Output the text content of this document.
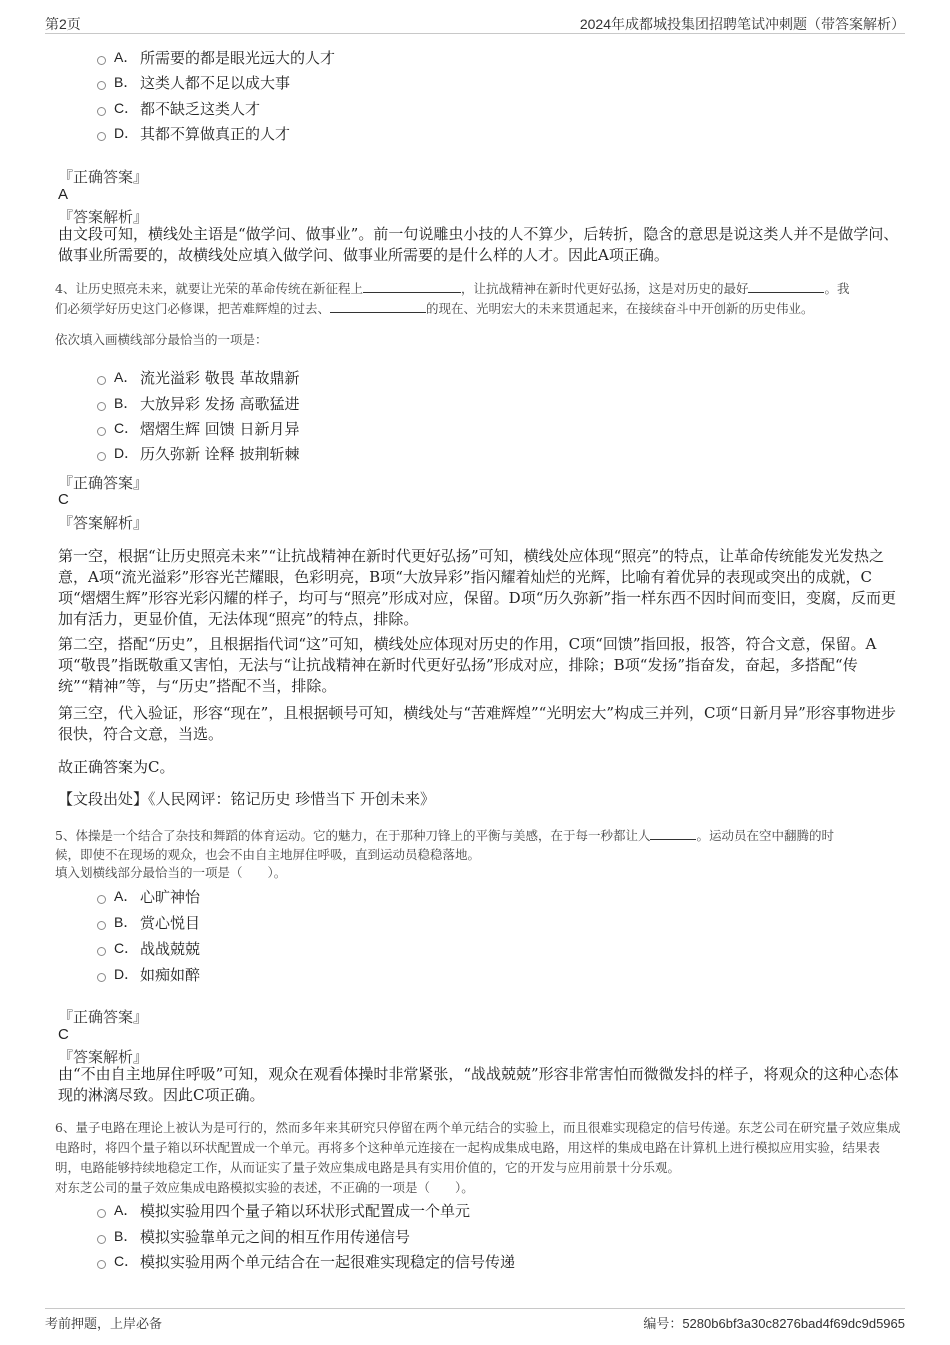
第2页	2024年成都城投集团招聘笔试冲刺题（带答案解析）
A． 所需要的都是眼光远大的人才
B． 这类人都不足以成大事
C． 都不缺乏这类人才
D． 其都不算做真正的人才
『正确答案』
A
『答案解析』
由文段可知，横线处主语是“做学问、做事业”。前一句说雕虫小技的人不算少，后转折，隐含的意思是说这类人并不是做学问、做事业所需要的，故横线处应填入做学问、做事业所需要的是什么样的人才。因此A项正确。
4、让历史照亮未来，就要让光荣的革命传统在新征程上	，让抗战精神在新时代更好弘扬，这是对历史的最好	。我
们必须学好历史这门必修课，把苦难辉煌的过去、	的现在、光明宏大的未来贯通起来，在接续奋斗中开创新的历史伟业。
依次填入画横线部分最恰当的一项是：
A． 流光溢彩 敬畏 革故鼎新
B． 大放异彩 发扬 高歌猛进
C． 熠熠生辉 回馈 日新月异
D． 历久弥新 诠释 披荆斩棘
『正确答案』
C
『答案解析』
第一空，根据“让历史照亮未来”“让抗战精神在新时代更好弘扬”可知，横线处应体现“照亮”的特点，让革命传统能发光发热之意，A项“流光溢彩”形容光芒耀眼，色彩明亮，B项“大放异彩”指闪耀着灿烂的光辉，比喻有着优异的表现或突出的成就，C项“熠熠生辉”形容光彩闪耀的样子，均可与“照亮”形成对应，保留。D项“历久弥新”指一样东西不因时间而变旧，变腐，反而更加有活力，更显价值，无法体现“照亮”的特点，排除。
第二空，搭配“历史”，且根据指代词“这”可知，横线处应体现对历史的作用，C项“回馈”指回报，报答，符合文意，保留。A项“敬畏”指既敬重又害怕，无法与“让抗战精神在新时代更好弘扬”形成对应，排除；B项“发扬”指奋发，奋起，多搭配“传统”“精神”等，与“历史”搭配不当，排除。
第三空，代入验证，形容“现在”，且根据顿号可知，横线处与“苦难辉煌”“光明宏大”构成三并列，C项“日新月异”形容事物进步很快，符合文意，当选。
故正确答案为C。
【文段出处】《人民网评：铭记历史 珍惜当下 开创未来》
5、体操是一个结合了杂技和舞蹈的体育运动。它的魅力，在于那种刀锋上的平衡与美感，在于每一秒都让人	。运动员在空中翻腾的时
候，即使不在现场的观众，也会不由自主地屏住呼吸，直到运动员稳稳落地。
填入划横线部分最恰当的一项是（　　）。
A． 心旷神怡
B． 赏心悦目
C． 战战兢兢
D． 如痴如醉
『正确答案』
C
『答案解析』
由“不由自主地屏住呼吸”可知，观众在观看体操时非常紧张，“战战兢兢”形容非常害怕而微微发抖的样子，将观众的这种心态体现的淋漓尽致。因此C项正确。
6、量子电路在理论上被认为是可行的，然而多年来其研究只停留在两个单元结合的实验上，而且很难实现稳定的信号传递。东芝公司在研究量子效应集成电路时，将四个量子箱以环状配置成一个单元。再将多个这种单元连接在一起构成集成电路，用这样的集成电路在计算机上进行模拟应用实验，结果表明，电路能够持续地稳定工作，从而证实了量子效应集成电路是具有实用价值的，它的开发与应用前景十分乐观。
对东芝公司的量子效应集成电路模拟实验的表述，不正确的一项是（　　）。
A． 模拟实验用四个量子箱以环状形式配置成一个单元
B． 模拟实验靠单元之间的相互作用传递信号
C． 模拟实验用两个单元结合在一起很难实现稳定的信号传递
考前押题，上岸必备	编号：5280b6bf3a30c8276bad4f69dc9d5965
